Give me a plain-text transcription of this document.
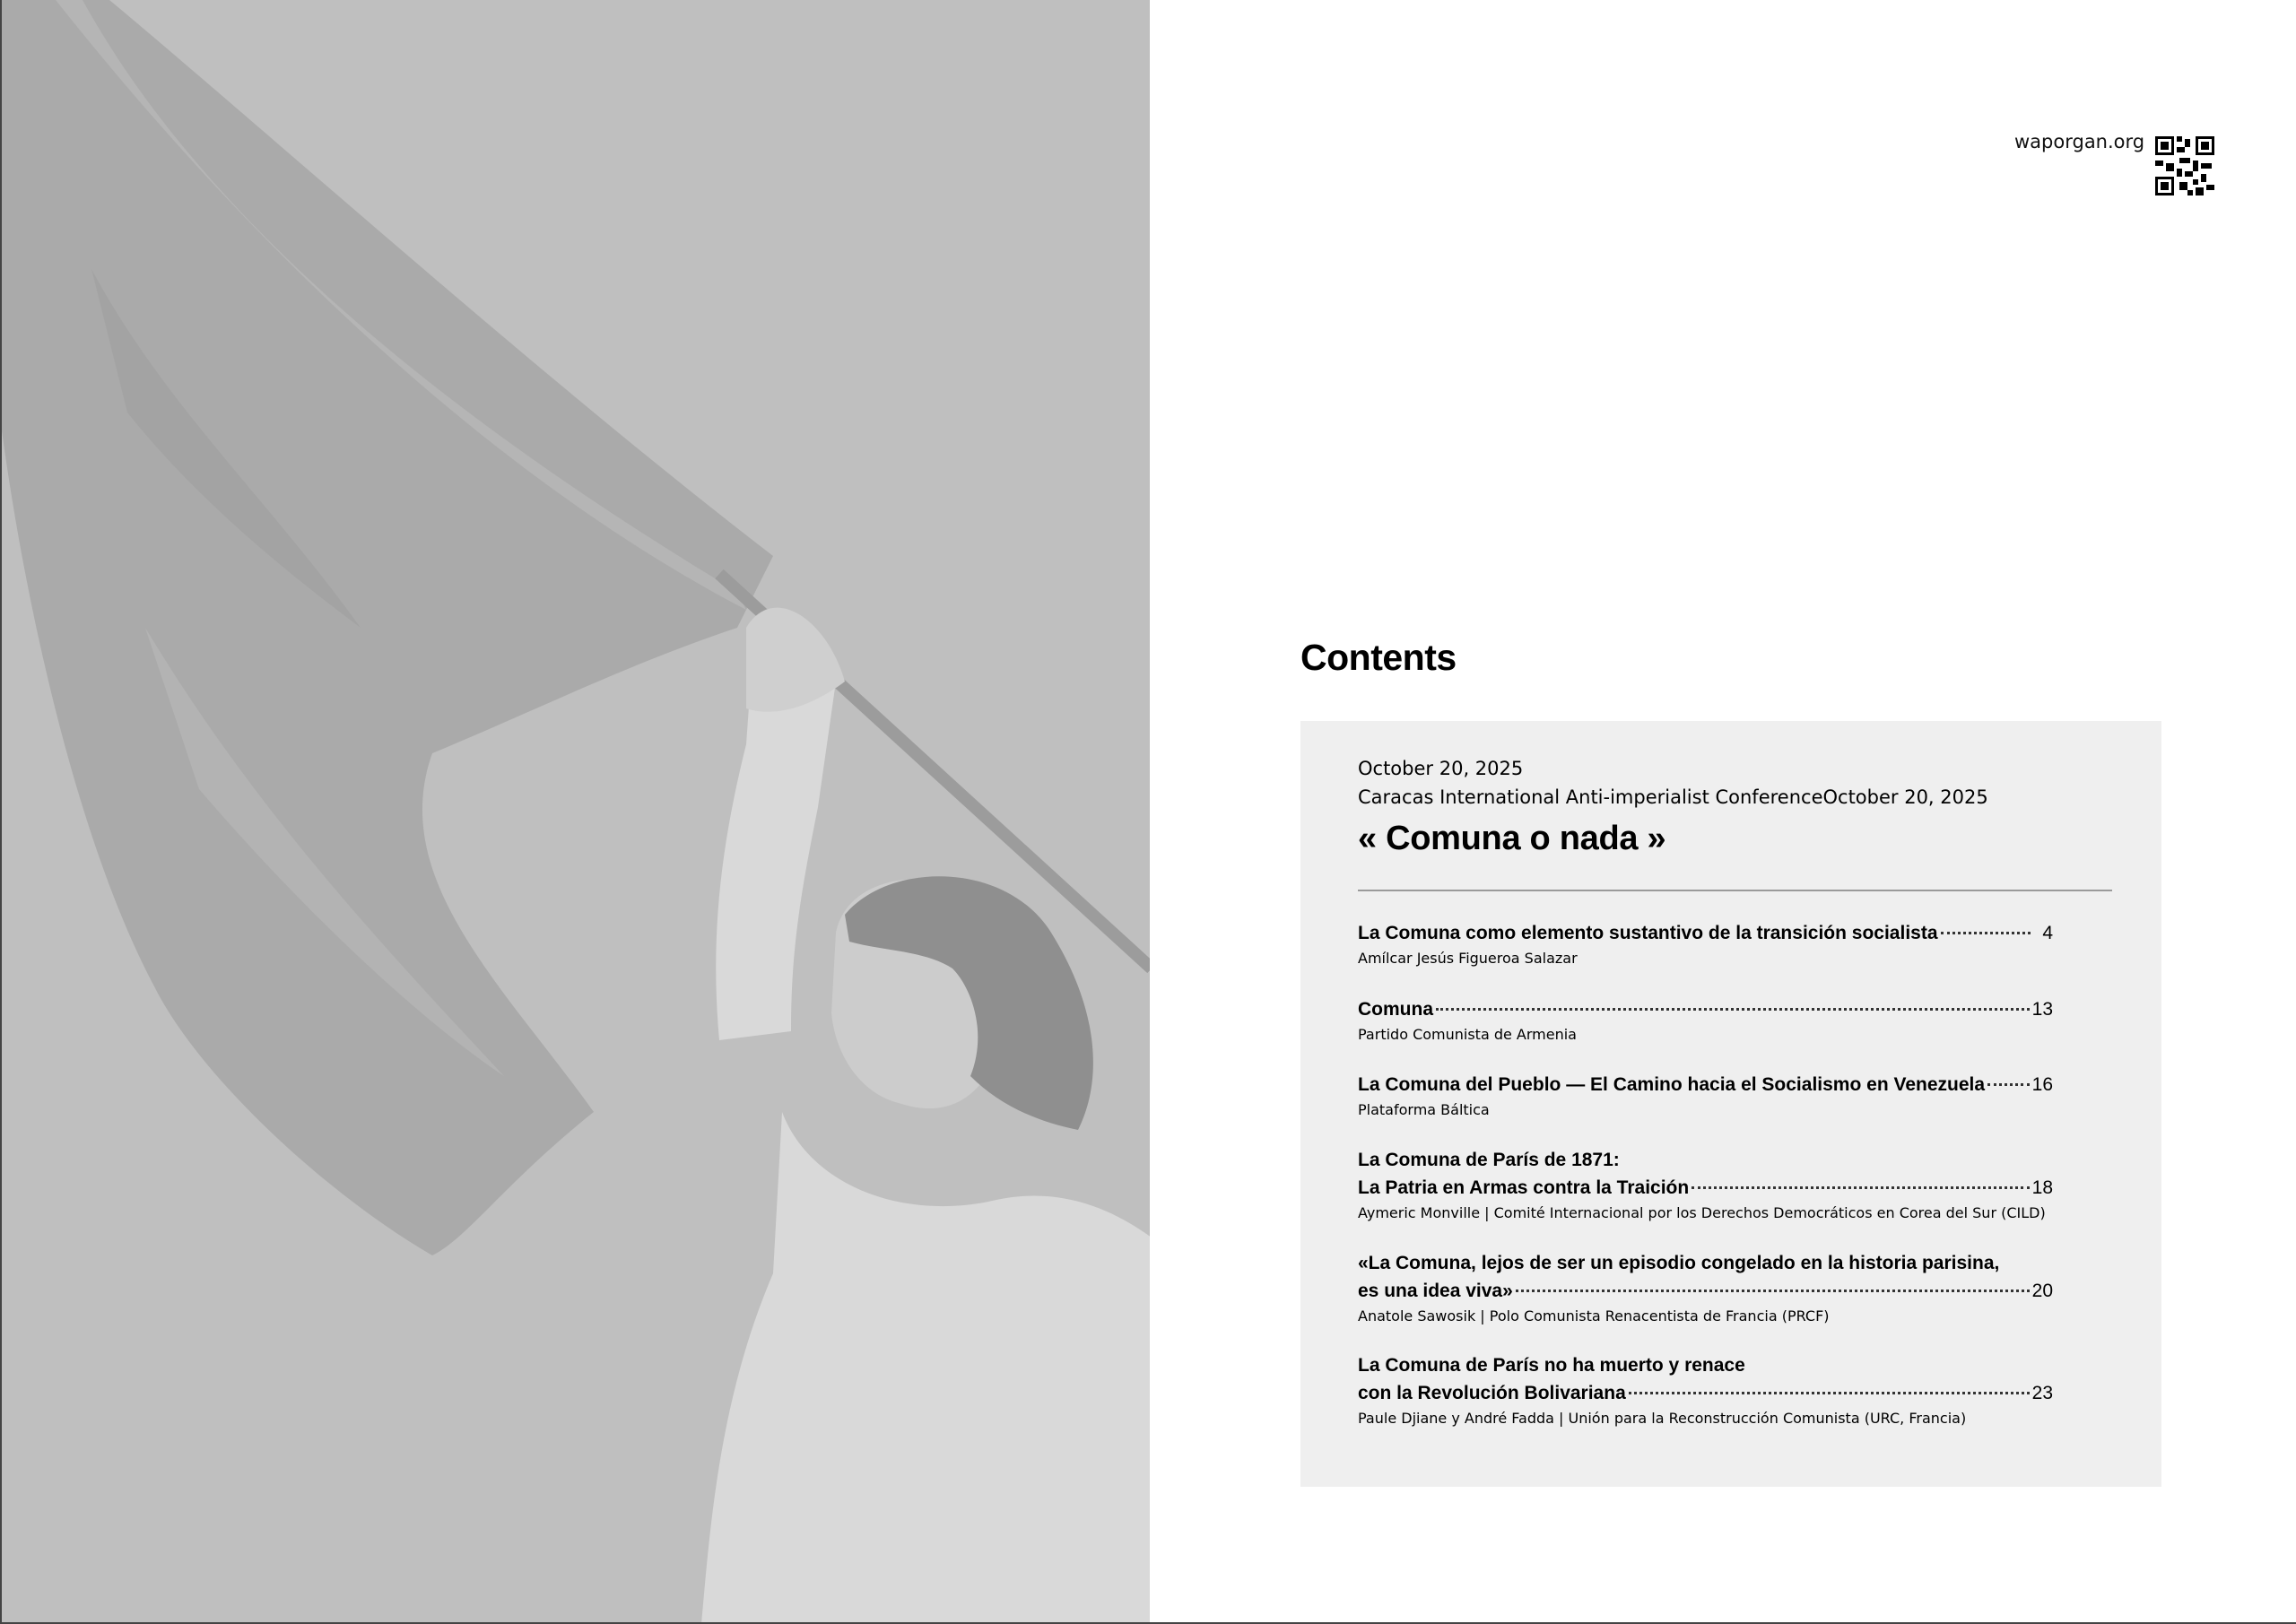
waporgan.org
Contents
October 20, 2025
Caracas International Anti-imperialist ConferenceOctober 20, 2025
« Comuna o nada »
La Comuna como elemento sustantivo de la transición socialista	4
Amílcar Jesús Figueroa Salazar
Comuna	13
Partido Comunista de Armenia
La Comuna del Pueblo — El Camino hacia el Socialismo en Venezuela	16
Plataforma Báltica
La Comuna de París de 1871:
La Patria en Armas contra la Traición	18
Aymeric Monville | Comité Internacional por los Derechos Democráticos en Corea del Sur (CILD)
«La Comuna, lejos de ser un episodio congelado en la historia parisina,
es una idea viva»	20
Anatole Sawosik | Polo Comunista Renacentista de Francia (PRCF)
La Comuna de París no ha muerto y renace
con la Revolución Bolivariana	23
Paule Djiane y André Fadda | Unión para la Reconstrucción Comunista (URC, Francia)
